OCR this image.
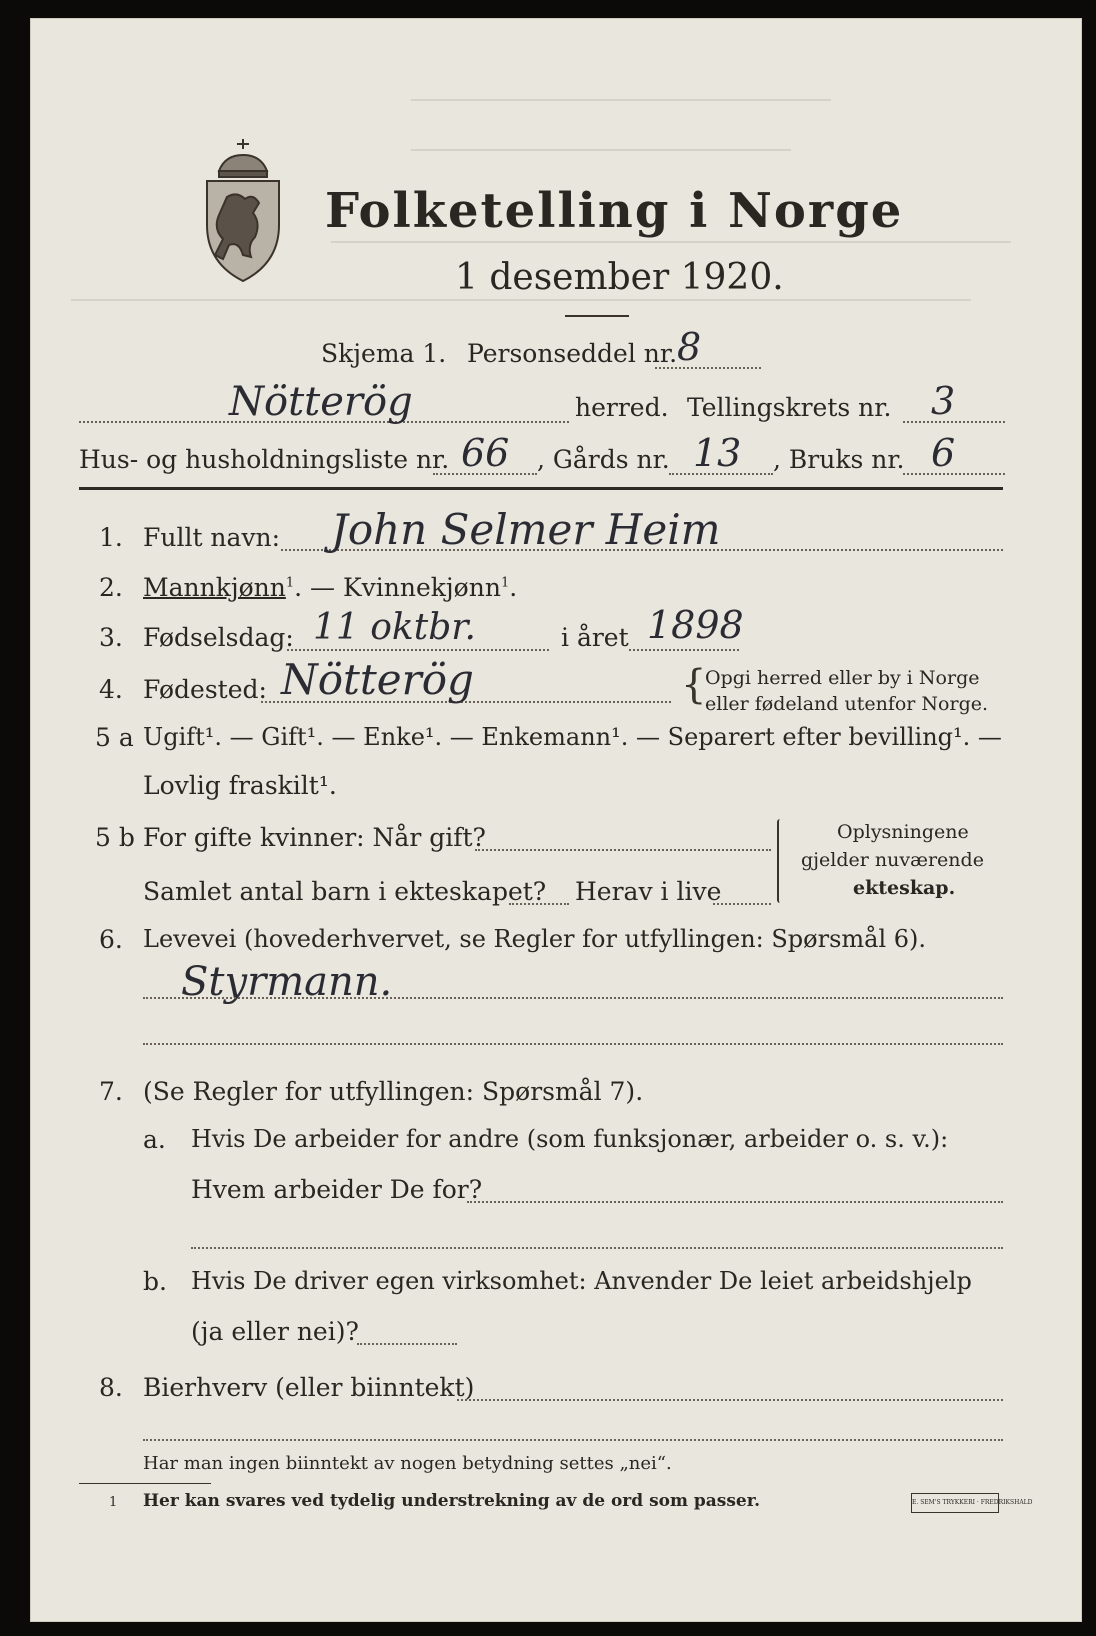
Folketelling i Norge
1 desember 1920.
Skjema 1. Personseddel nr. 8
Nötterög	herred. Tellingskrets nr. 3
Hus- og husholdningsliste nr. 66 , Gårds nr. 13 , Bruks nr. 6
1. Fullt navn: John Selmer Heim
2. Mannkjønn$^1$. — Kvinnekjønn$^1$.
3. Fødselsdag: 11 oktbr.	i året 1898
4. Fødested: Nötterög	{
Opgi herred eller by i Norge
eller fødeland utenfor Norge.
5 a Ugift¹. — Gift¹. — Enke¹. — Enkemann¹. — Separert efter bevilling¹. —
Lovlig fraskilt¹.
5 b For gifte kvinner: Når gift?
Samlet antal barn i ekteskapet? Herav i live
Oplysningene
gjelder nuværende
ekteskap.
6. Levevei (hovederhvervet, se Regler for utfyllingen: Spørsmål 6).
Styrmann.
7. (Se Regler for utfyllingen: Spørsmål 7).
a. Hvis De arbeider for andre (som funksjonær, arbeider o. s. v.):
Hvem arbeider De for?
b. Hvis De driver egen virksomhet: Anvender De leiet arbeidshjelp
(ja eller nei)?
8. Bierhverv (eller biinntekt)
Har man ingen biinntekt av nogen betydning settes „nei“.
1 Her kan svares ved tydelig understrekning av de ord som passer.	E. SEM'S TRYKKERI · FREDRIKSHALD
